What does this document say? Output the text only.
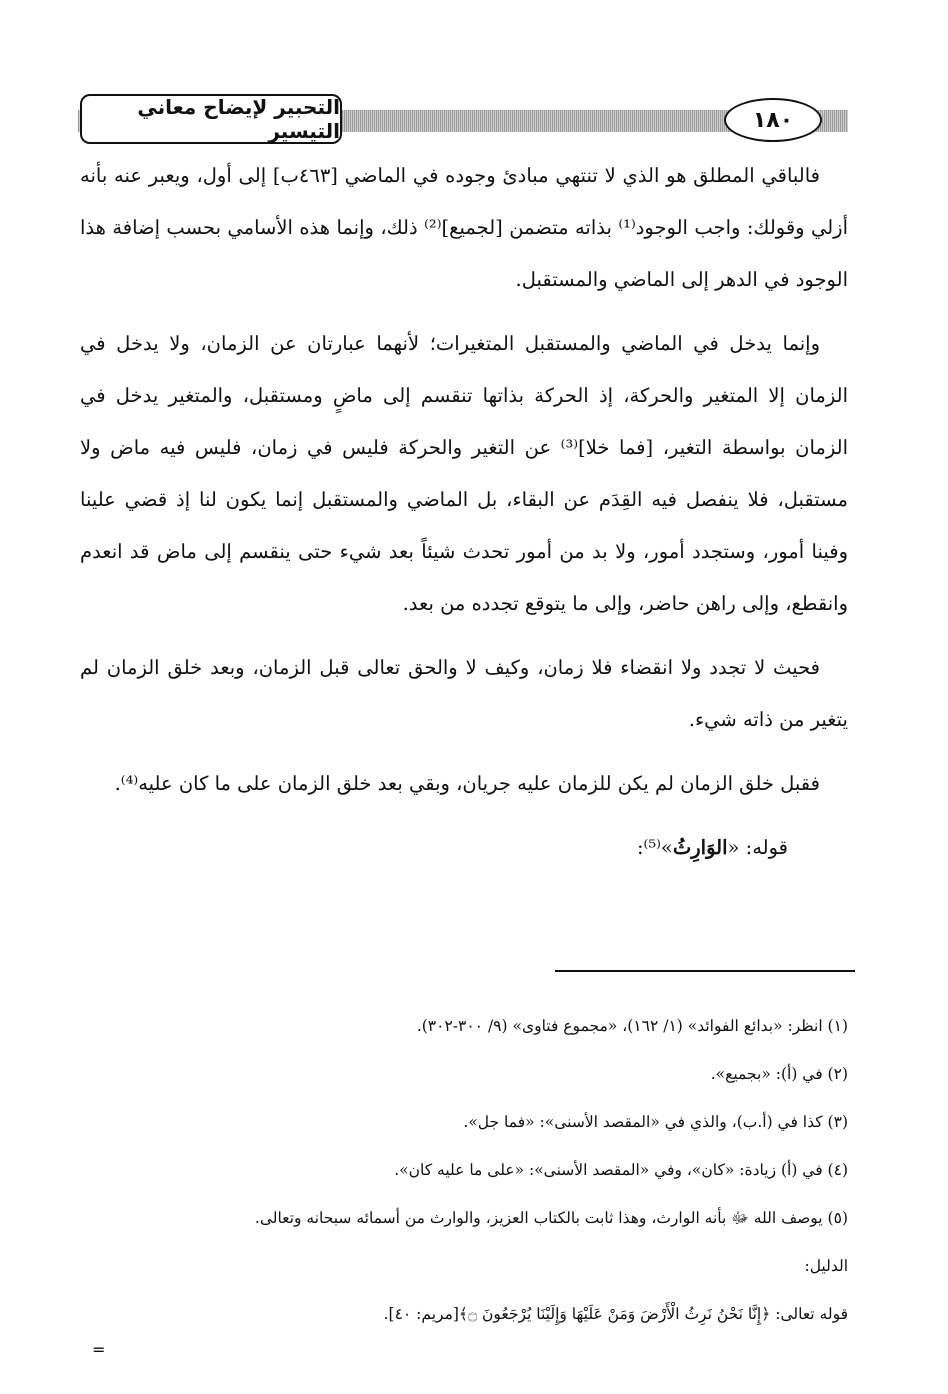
التحبير لإيضاح معاني التيسير	١٨٠

فالباقي المطلق هو الذي لا تنتهي مبادئ وجوده في الماضي [٤٦٣ب] إلى أول، ويعبر عنه بأنه أزلي وقولك: واجب الوجود⁽¹⁾ بذاته متضمن [لجميع]⁽²⁾ ذلك، وإنما هذه الأسامي بحسب إضافة هذا الوجود في الدهر إلى الماضي والمستقبل.

وإنما يدخل في الماضي والمستقبل المتغيرات؛ لأنهما عبارتان عن الزمان، ولا يدخل في الزمان إلا المتغير والحركة، إذ الحركة بذاتها تنقسم إلى ماضٍ ومستقبل، والمتغير يدخل في الزمان بواسطة التغير، [فما خلا]⁽³⁾ عن التغير والحركة فليس في زمان، فليس فيه ماض ولا مستقبل، فلا ينفصل فيه القِدَم عن البقاء، بل الماضي والمستقبل إنما يكون لنا إذ قضي علينا وفينا أمور، وستجدد أمور، ولا بد من أمور تحدث شيئاً بعد شيء حتى ينقسم إلى ماض قد انعدم وانقطع، وإلى راهن حاضر، وإلى ما يتوقع تجدده من بعد.

فحيث لا تجدد ولا انقضاء فلا زمان، وكيف لا والحق تعالى قبل الزمان، وبعد خلق الزمان لم يتغير من ذاته شيء.

فقبل خلق الزمان لم يكن للزمان عليه جريان، وبقي بعد خلق الزمان على ما كان عليه⁽⁴⁾.

قوله: «الوَارِثُ»⁽⁵⁾:

(١) انظر: «بدائع الفوائد» (١/ ١٦٢)، «مجموع فتاوى» (٩/ ٣٠٠-٣٠٢).

(٢) في (أ): «بجميع».

(٣) كذا في (أ.ب)، والذي في «المقصد الأسنى»: «فما جل».

(٤) في (أ) زيادة: «كان»، وفي «المقصد الأسنى»: «على ما عليه كان».

(٥) يوصف الله ﷻ بأنه الوارث، وهذا ثابت بالكتاب العزيز، والوارث من أسمائه سبحانه وتعالى.

الدليل:

قوله تعالى: ﴿إِنَّا نَحْنُ نَرِثُ الْأَرْضَ وَمَنْ عَلَيْهَا وَإِلَيْنَا يُرْجَعُونَ ۝﴾[مريم: ٤٠].

=
